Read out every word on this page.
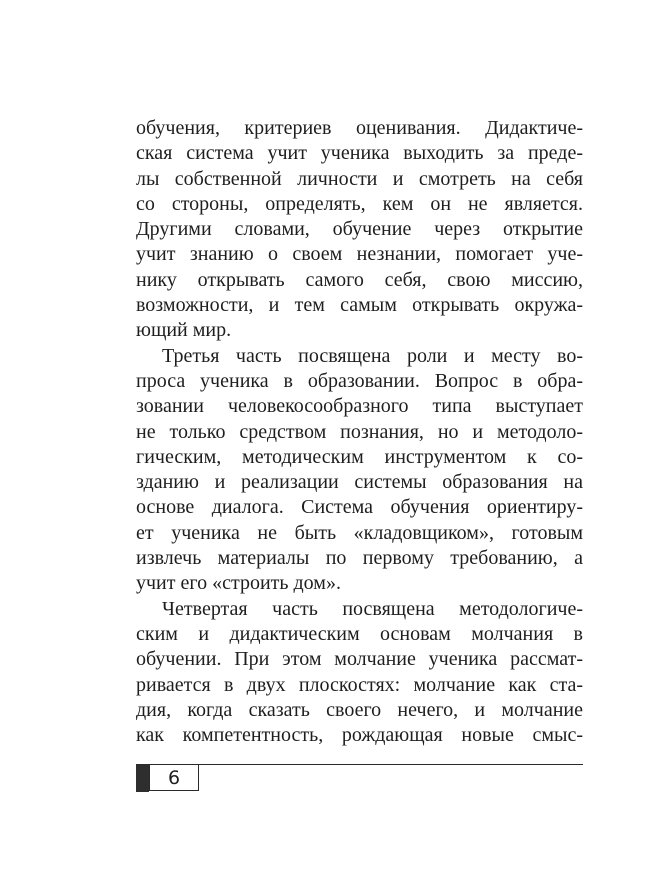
обучения, критериев оценивания. Дидактиче-
ская система учит ученика выходить за преде-
лы собственной личности и смотреть на себя
со стороны, определять, кем он не является.
Другими словами, обучение через открытие
учит знанию о своем незнании, помогает уче-
нику открывать самого себя, свою миссию,
возможности, и тем самым открывать окружа-
ющий мир.
Третья часть посвящена роли и месту во-
проса ученика в образовании. Вопрос в обра-
зовании человекосообразного типа выступает
не только средством познания, но и методоло-
гическим, методическим инструментом к со-
зданию и реализации системы образования на
основе диалога. Система обучения ориентиру-
ет ученика не быть «кладовщиком», готовым
извлечь материалы по первому требованию, а
учит его «строить дом».
Четвертая часть посвящена методологиче-
ским и дидактическим основам молчания в
обучении. При этом молчание ученика рассмат-
ривается в двух плоскостях: молчание как ста-
дия, когда сказать своего нечего, и молчание
как компетентность, рождающая новые смыс-
6
